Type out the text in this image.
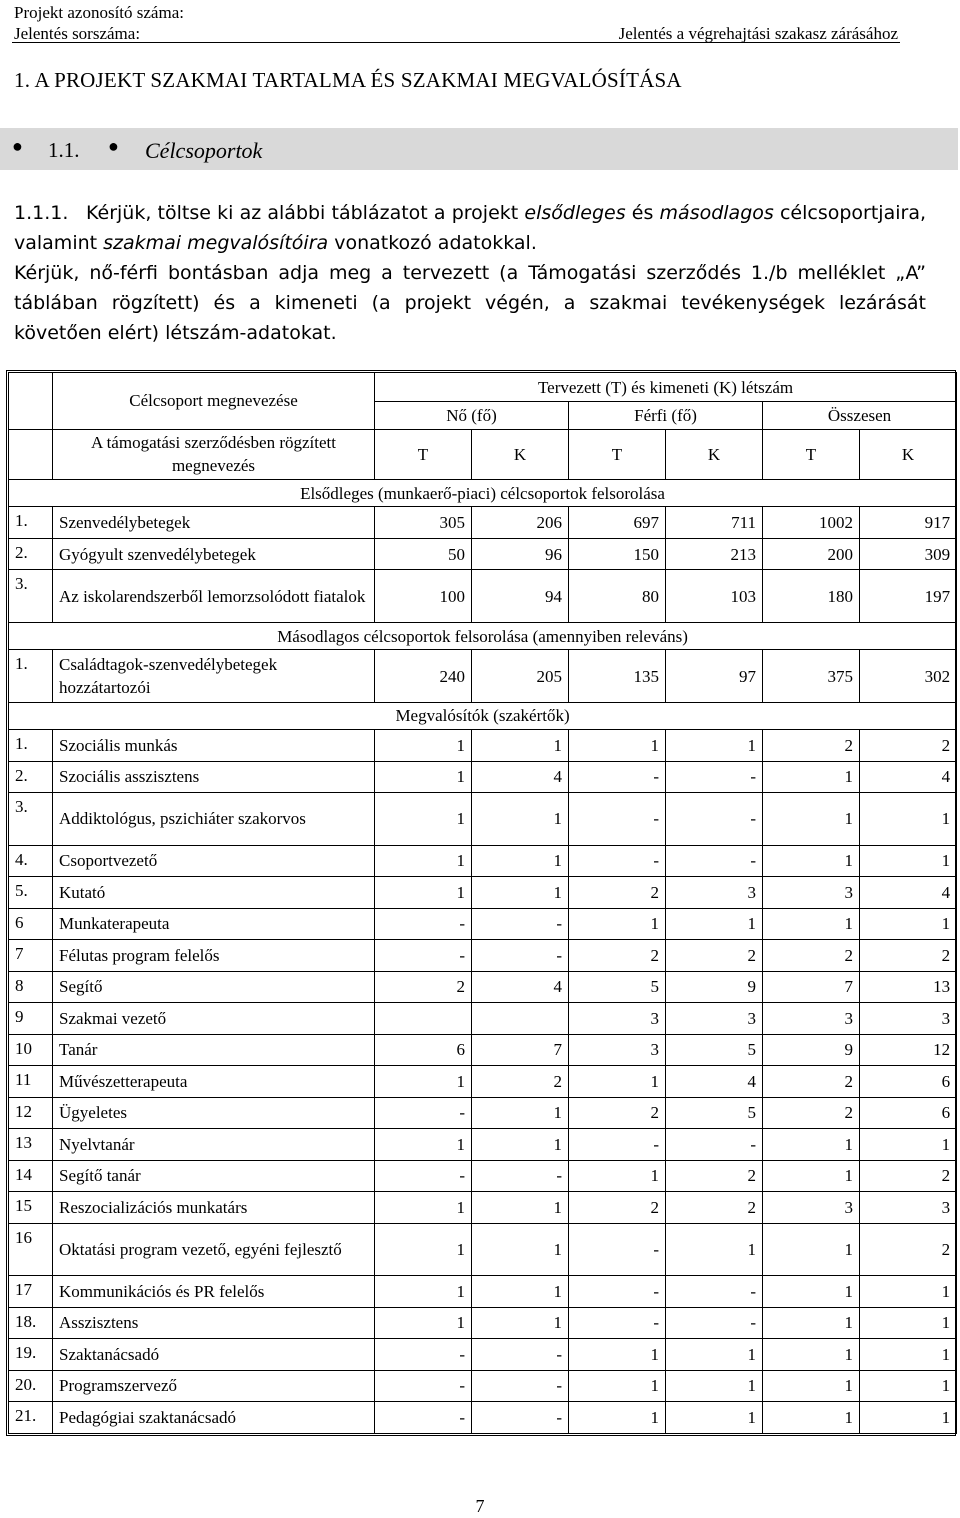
Projekt azonosító száma:
Jelentés sorszáma:	Jelentés a végrehajtási szakasz zárásához
1. A PROJEKT SZAKMAI TARTALMA ÉS SZAKMAI MEGVALÓSÍTÁSA
● 1.1. ● Célcsoportok

1.1.1. Kérjük, töltse ki az alábbi táblázatot a projekt elsődleges és másodlagos célcsoportjaira, valamint szakmai megvalósítóira vonatkozó adatokkal.

Kérjük, nő-férfi bontásban adja meg a tervezett (a Támogatási szerződés 1./b melléklet „A” táblában rögzített) és a kimeneti (a projekt végén, a szakmai tevékenységek lezárását követően elért) létszám-adatokat.

	Célcsoport megnevezése	Tervezett (T) és kimeneti (K) létszám					
		Nő (fő)		Férfi (fő)		Összesen	
	A támogatási szerződésben rögzített megnevezés	T	K	T	K	T	K
Elsődleges (munkaerő-piaci) célcsoportok felsorolása							
1.	Szenvedélybetegek	305	206	697	711	1002	917
2.	Gyógyult szenvedélybetegek	50	96	150	213	200	309
3.	Az iskolarendszerből lemorzsolódott fiatalok	100	94	80	103	180	197
Másodlagos célcsoportok felsorolása (amennyiben releváns)							
1.	Családtagok-szenvedélybetegek hozzátartozói	240	205	135	97	375	302
Megvalósítók (szakértők)							
1.	Szociális munkás	1	1	1	1	2	2
2.	Szociális asszisztens	1	4	-	-	1	4
3.	Addiktológus, pszichiáter szakorvos	1	1	-	-	1	1
4.	Csoportvezető	1	1	-	-	1	1
5.	Kutató	1	1	2	3	3	4
6	Munkaterapeuta	-	-	1	1	1	1
7	Félutas program felelős	-	-	2	2	2	2
8	Segítő	2	4	5	9	7	13
9	Szakmai vezető			3	3	3	3
10	Tanár	6	7	3	5	9	12
11	Művészetterapeuta	1	2	1	4	2	6
12	Ügyeletes	-	1	2	5	2	6
13	Nyelvtanár	1	1	-	-	1	1
14	Segítő tanár	-	-	1	2	1	2
15	Reszocializációs munkatárs	1	1	2	2	3	3
16	Oktatási program vezető, egyéni fejlesztő	1	1	-	1	1	2
17	Kommunikációs és PR felelős	1	1	-	-	1	1
18.	Asszisztens	1	1	-	-	1	1
19.	Szaktanácsadó	-	-	1	1	1	1
20.	Programszervező	-	-	1	1	1	1
21.	Pedagógiai szaktanácsadó	-	-	1	1	1	1
7
